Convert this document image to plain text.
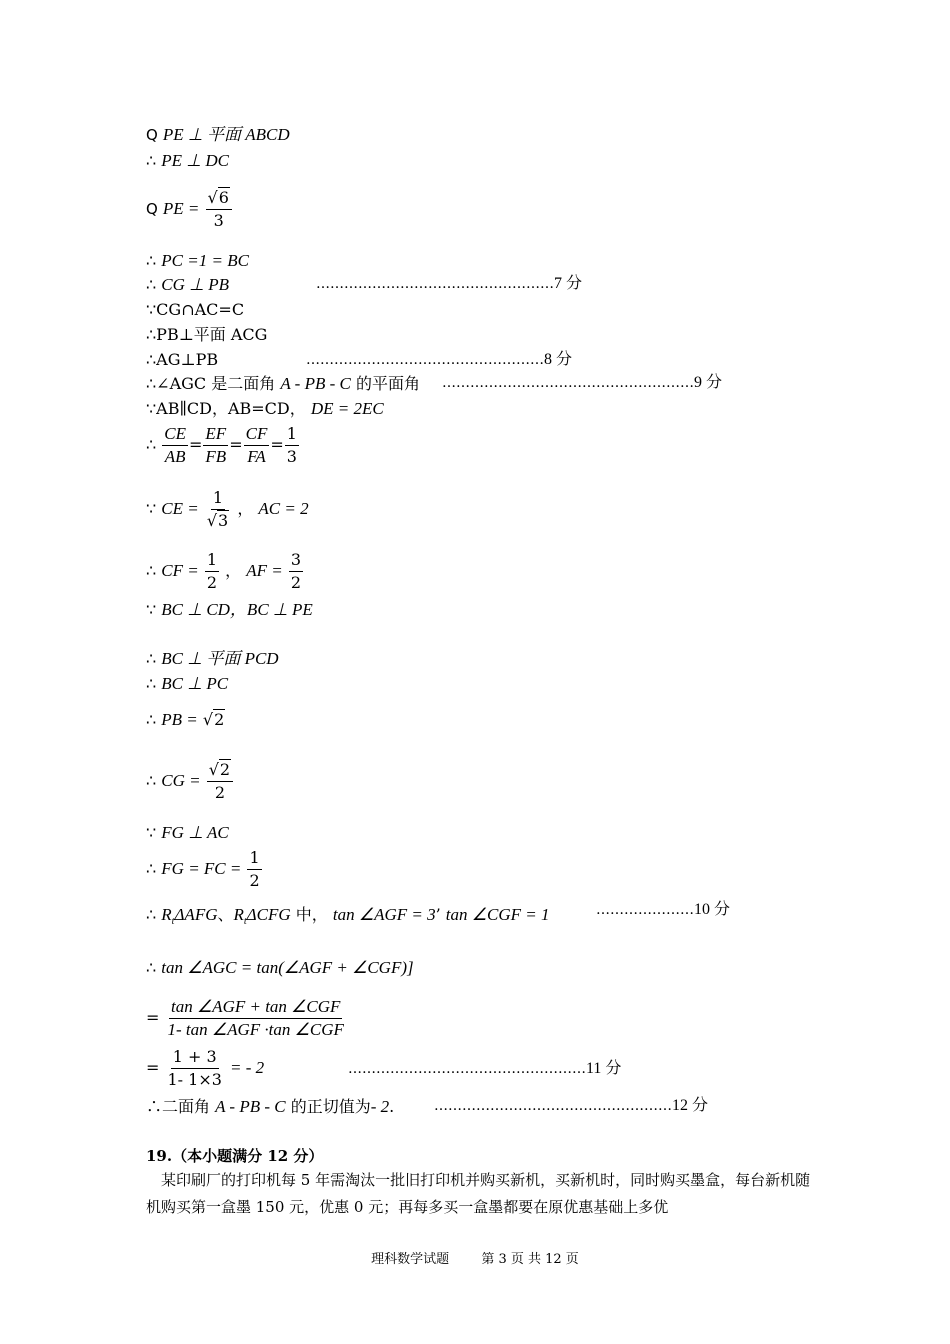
Q PE ⊥ 平面 ABCD
∴ PE ⊥ DC
Q PE = $\frac{√6}{3}$
∴ PC =1 = BC
∴ CG ⊥ PB	……………………………………………7 分
∵CG∩AC=C
∴PB⊥平面 ACG
∴AG⊥PB	……………………………………………8 分
∴∠AGC 是二面角 A - PB - C 的平面角 ………………………………………………9 分
∵AB∥CD，AB=CD， DE = 2EC
∴ $\frac{CE}{AB} = \frac{EF}{FB} = \frac{CF}{FA} = \frac{1}{3}$
∵ CE = $\frac{1}{√3}$ ， AC = 2
∴ CF = $\frac{1}{2}$ ， AF = $\frac{3}{2}$
∵ BC ⊥ CD，BC ⊥ PE
∴ BC ⊥ 平面 PCD
∴ BC ⊥ PC
∴ PB = √2
∴ CG = $\frac{√2}{2}$
∵ FG ⊥ AC
∴ FG = FC = $\frac{1}{2}$
∴ $R_t\Delta AFG$、$R_t\Delta CFG$ 中， tan ∠AGF = 3’ tan ∠CGF = 1	…………………10 分
∴ tan ∠AGC = tan(∠AGF + ∠CGF)]
= $\frac{\text{tan ∠AGF + tan ∠CGF}}{\text{1- tan ∠AGF ·tan ∠CGF}}$
= $\frac{1 + 3}{1- 1\times 3}$ = - 2	……………………………………………11 分
∴二面角 A - PB - C 的正切值为- 2.	……………………………………………12 分
19.（本小题满分 12 分）
某印刷厂的打印机每 5 年需淘汰一批旧打印机并购买新机，买新机时，同时购买墨盒，每台新机随机购买第一盒墨 150 元，优惠 0 元；再每多买一盒墨都要在原优惠基础上多优
理科数学试题 第 3 页 共 12 页
